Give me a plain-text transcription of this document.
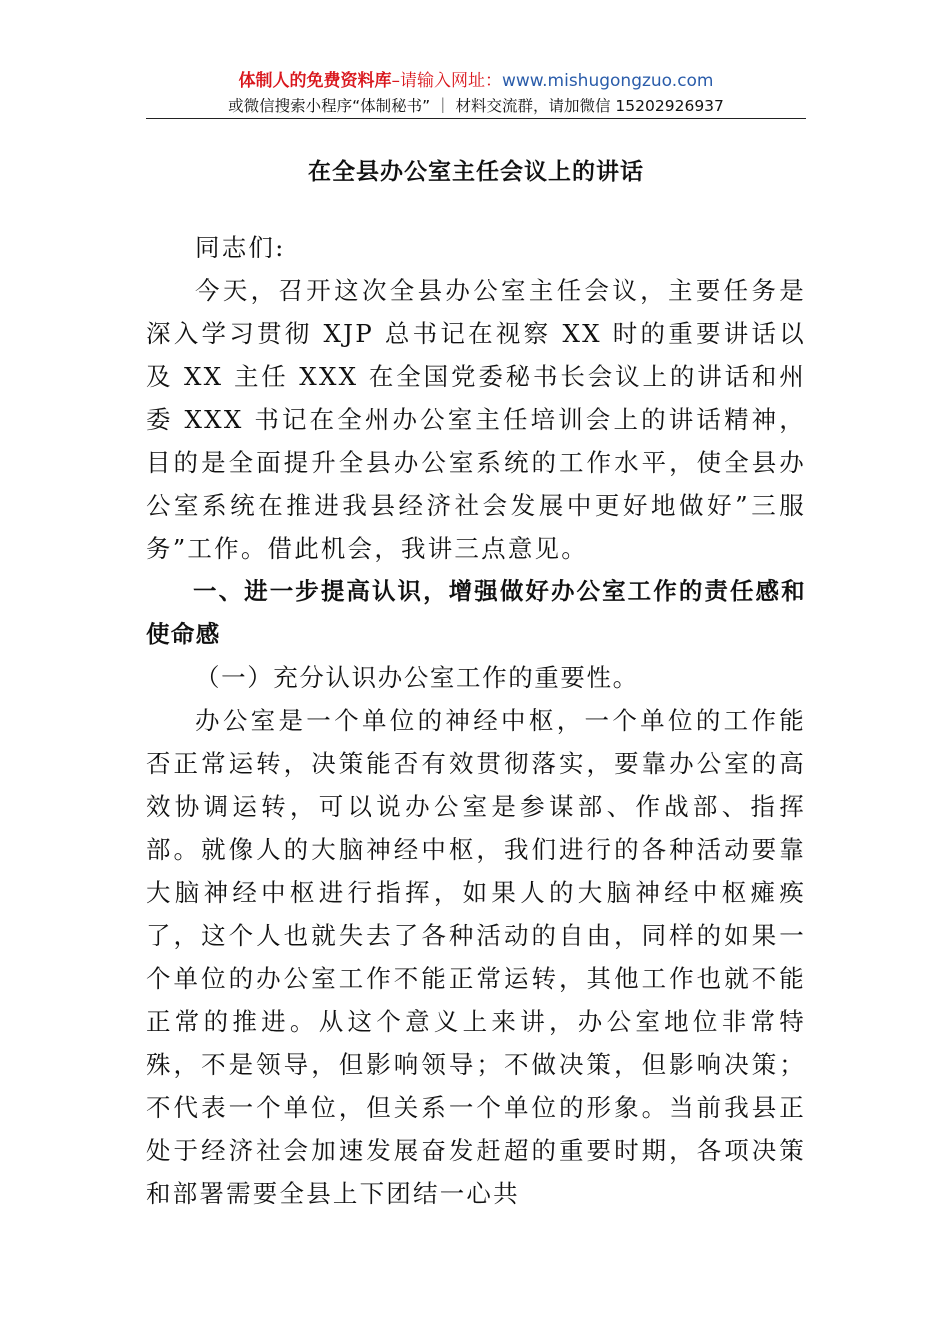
体制人的免费资料库–请输入网址：www.mishugongzuo.com
或微信搜索小程序“体制秘书” ｜ 材料交流群，请加微信 15202926937
在全县办公室主任会议上的讲话

同志们:

今天，召开这次全县办公室主任会议，主要任务是深入学习贯彻 XJP 总书记在视察 XX 时的重要讲话以及 XX 主任 XXX 在全国党委秘书长会议上的讲话和州委 XXX 书记在全州办公室主任培训会上的讲话精神，目的是全面提升全县办公室系统的工作水平，使全县办公室系统在推进我县经济社会发展中更好地做好”三服务”工作。借此机会，我讲三点意见。

一、进一步提高认识，增强做好办公室工作的责任感和使命感

（一）充分认识办公室工作的重要性。

办公室是一个单位的神经中枢，一个单位的工作能否正常运转，决策能否有效贯彻落实，要靠办公室的高效协调运转，可以说办公室是参谋部、作战部、指挥部。就像人的大脑神经中枢，我们进行的各种活动要靠大脑神经中枢进行指挥，如果人的大脑神经中枢瘫痪了，这个人也就失去了各种活动的自由，同样的如果一个单位的办公室工作不能正常运转，其他工作也就不能正常的推进。从这个意义上来讲，办公室地位非常特殊，不是领导，但影响领导；不做决策，但影响决策；不代表一个单位，但关系一个单位的形象。当前我县正处于经济社会加速发展奋发赶超的重要时期，各项决策和部署需要全县上下团结一心共
